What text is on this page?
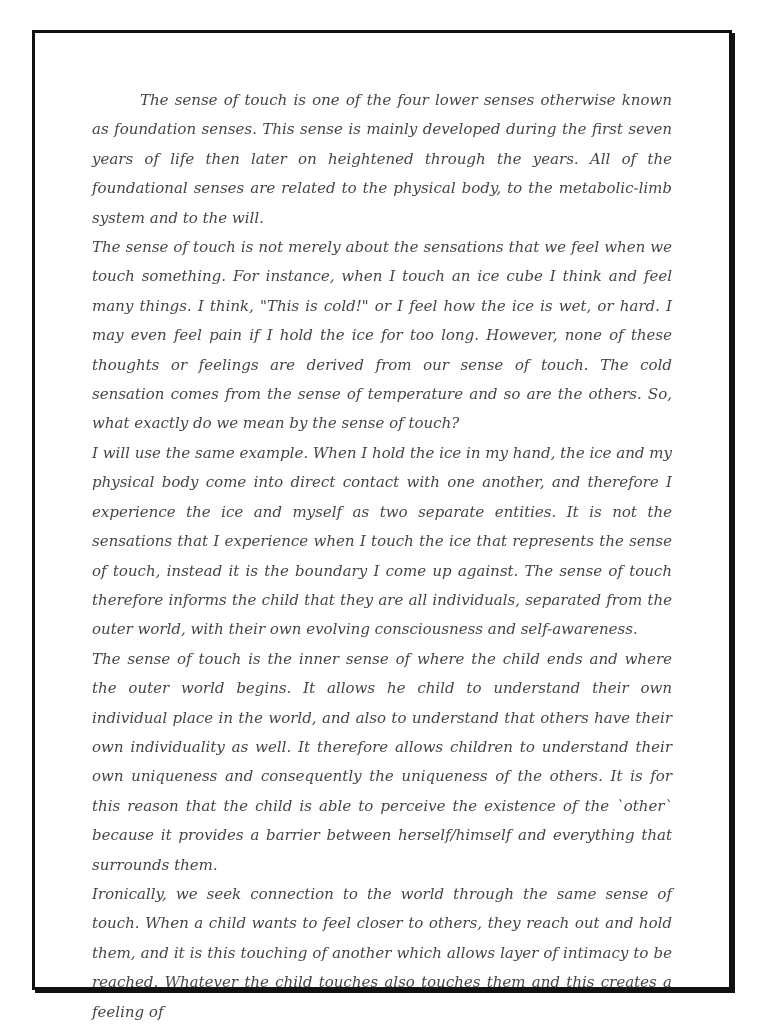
The sense of touch is one of the four lower senses otherwise known as foundation senses. This sense is mainly developed during the first seven years of life then later on heightened through the years. All of the foundational senses are related to the physical body, to the metabolic-limb system and to the will.

The sense of touch is not merely about the sensations that we feel when we touch something. For instance, when I touch an ice cube I think and feel many things. I think, "This is cold!" or I feel how the ice is wet, or hard. I may even feel pain if I hold the ice for too long. However, none of these thoughts or feelings are derived from our sense of touch. The cold sensation comes from the sense of temperature and so are the others. So, what exactly do we mean by the sense of touch?

I will use the same example. When I hold the ice in my hand, the ice and my physical body come into direct contact with one another, and therefore I experience the ice and myself as two separate entities. It is not the sensations that I experience when I touch the ice that represents the sense of touch, instead it is the boundary I come up against. The sense of touch therefore informs the child that they are all individuals, separated from the outer world, with their own evolving consciousness and self-awareness.

The sense of touch is the inner sense of where the child ends and where the outer world begins. It allows he child to understand their own individual place in the world, and also to understand that others have their own individuality as well. It therefore allows children to understand their own uniqueness and consequently the uniqueness of the others. It is for this reason that the child is able to perceive the existence of the `other` because it provides a barrier between herself/himself and everything that surrounds them.

Ironically, we seek connection to the world through the same sense of touch. When a child wants to feel closer to others, they reach out and hold them, and it is this touching of another which allows layer of intimacy to be reached. Whatever the child touches also touches them and this creates a feeling of
